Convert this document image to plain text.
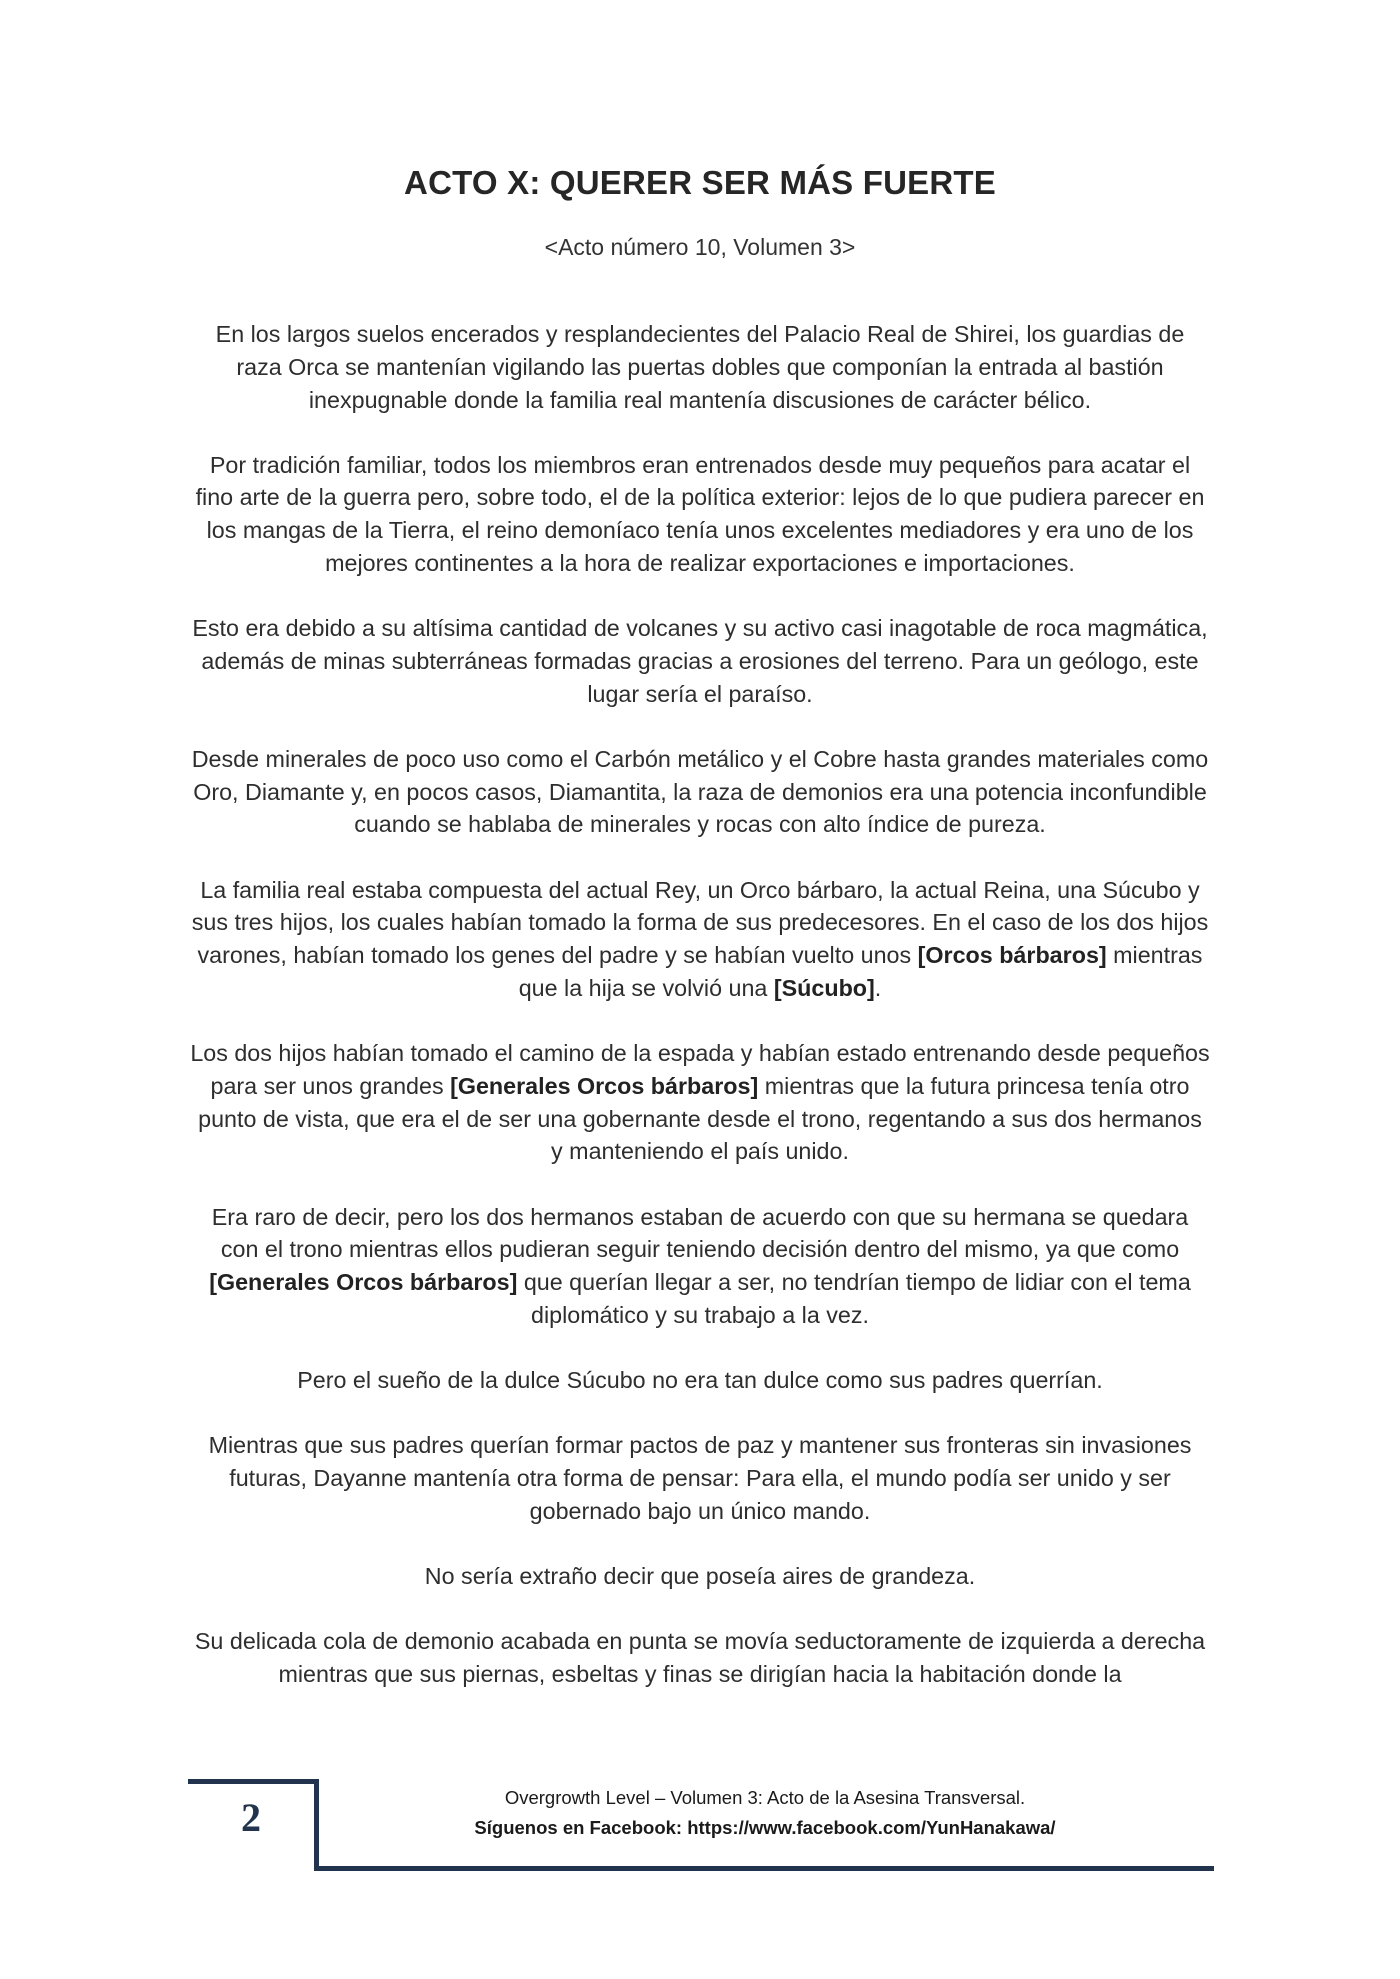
ACTO X: QUERER SER MÁS FUERTE
<Acto número 10, Volumen 3>

En los largos suelos encerados y resplandecientes del Palacio Real de Shirei, los guardias de raza Orca se mantenían vigilando las puertas dobles que componían la entrada al bastión inexpugnable donde la familia real mantenía discusiones de carácter bélico.

Por tradición familiar, todos los miembros eran entrenados desde muy pequeños para acatar el fino arte de la guerra pero, sobre todo, el de la política exterior: lejos de lo que pudiera parecer en los mangas de la Tierra, el reino demoníaco tenía unos excelentes mediadores y era uno de los mejores continentes a la hora de realizar exportaciones e importaciones.

Esto era debido a su altísima cantidad de volcanes y su activo casi inagotable de roca magmática, además de minas subterráneas formadas gracias a erosiones del terreno. Para un geólogo, este lugar sería el paraíso.

Desde minerales de poco uso como el Carbón metálico y el Cobre hasta grandes materiales como Oro, Diamante y, en pocos casos, Diamantita, la raza de demonios era una potencia inconfundible cuando se hablaba de minerales y rocas con alto índice de pureza.

La familia real estaba compuesta del actual Rey, un Orco bárbaro, la actual Reina, una Súcubo y sus tres hijos, los cuales habían tomado la forma de sus predecesores. En el caso de los dos hijos varones, habían tomado los genes del padre y se habían vuelto unos [Orcos bárbaros] mientras que la hija se volvió una [Súcubo].

Los dos hijos habían tomado el camino de la espada y habían estado entrenando desde pequeños para ser unos grandes [Generales Orcos bárbaros] mientras que la futura princesa tenía otro punto de vista, que era el de ser una gobernante desde el trono, regentando a sus dos hermanos y manteniendo el país unido.

Era raro de decir, pero los dos hermanos estaban de acuerdo con que su hermana se quedara con el trono mientras ellos pudieran seguir teniendo decisión dentro del mismo, ya que como [Generales Orcos bárbaros] que querían llegar a ser, no tendrían tiempo de lidiar con el tema diplomático y su trabajo a la vez.

Pero el sueño de la dulce Súcubo no era tan dulce como sus padres querrían.

Mientras que sus padres querían formar pactos de paz y mantener sus fronteras sin invasiones futuras, Dayanne mantenía otra forma de pensar: Para ella, el mundo podía ser unido y ser gobernado bajo un único mando.

No sería extraño decir que poseía aires de grandeza.

Su delicada cola de demonio acabada en punta se movía seductoramente de izquierda a derecha mientras que sus piernas, esbeltas y finas se dirigían hacia la habitación donde la

2	Overgrowth Level – Volumen 3: Acto de la Asesina Transversal.
Síguenos en Facebook: https://www.facebook.com/YunHanakawa/
